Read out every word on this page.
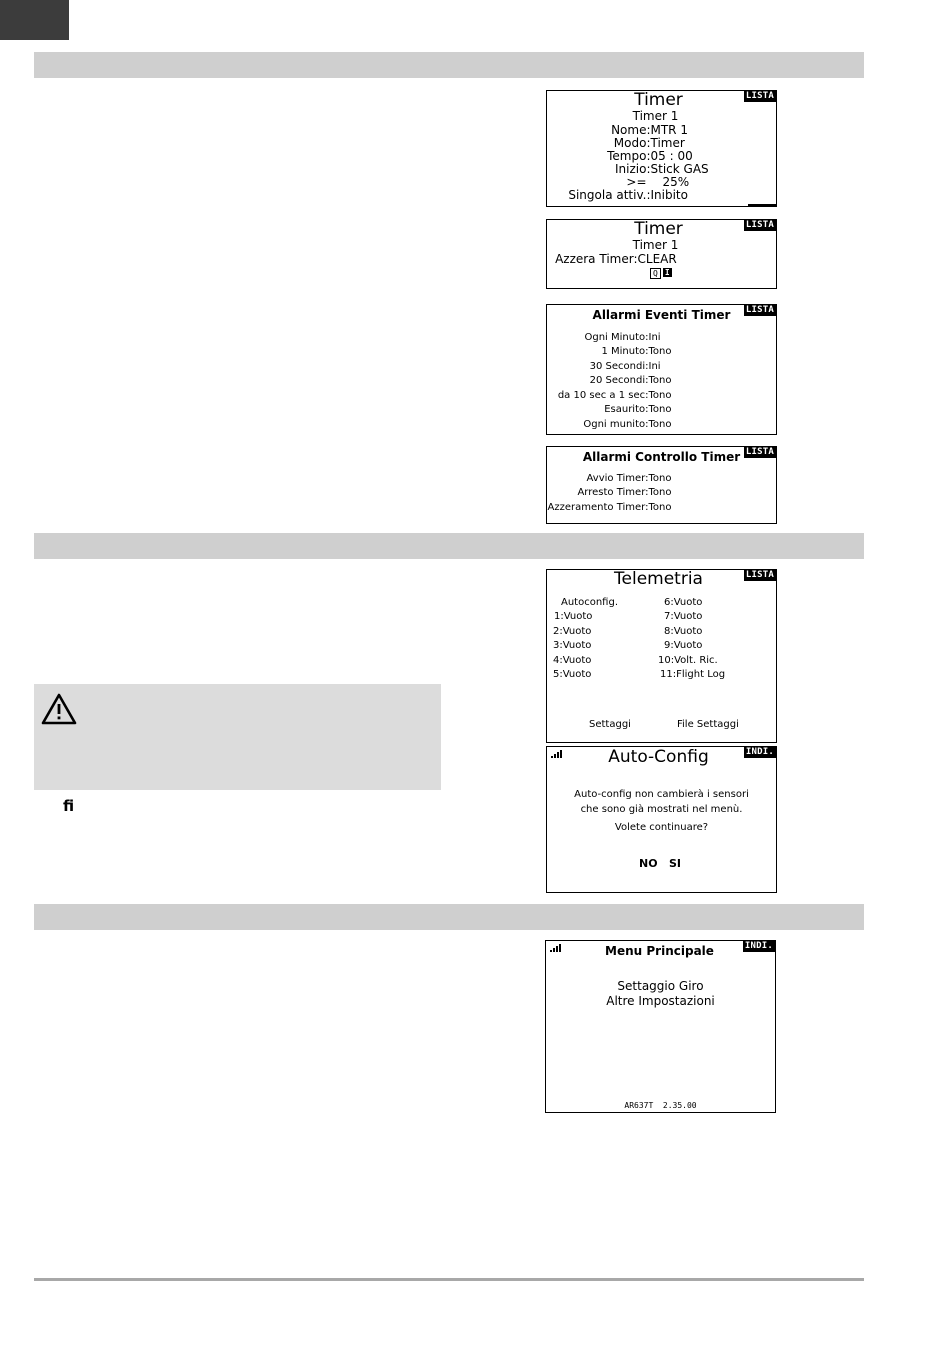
LISTA
Timer
Timer 1
Nome: MTR 1
Modo: Timer
Tempo: 05 : 00
Inizio: Stick GAS
>= 25%
Singola attiv.: Inibito
LISTA
Timer
Timer 1
Azzera Timer: CLEAR
Q I
LISTA
Allarmi Eventi Timer
Ogni Minuto: Ini
1 Minuto: Tono
30 Secondi: Ini
20 Secondi: Tono
da 10 sec a 1 sec: Tono
Esaurito: Tono
Ogni munito: Tono
LISTA
Allarmi Controllo Timer
Avvio Timer: Tono
Arresto Timer: Tono
Azzeramento Timer: Tono
LISTA
Telemetria
Autoconfig.
1:Vuoto
2:Vuoto
3:Vuoto
4:Vuoto
5:Vuoto
6:Vuoto
7:Vuoto
8:Vuoto
9:Vuoto
10:Volt. Ric.
11:Flight Log
Settaggi	File Settaggi
INDI.
Auto-Config
Auto-config non cambierà i sensori
che sono già mostrati nel menù.
Volete continuare?
NO SI
INDI.
Menu Principale
Settaggio Giro
Altre Impostazioni
AR637T  2.35.00
fi
